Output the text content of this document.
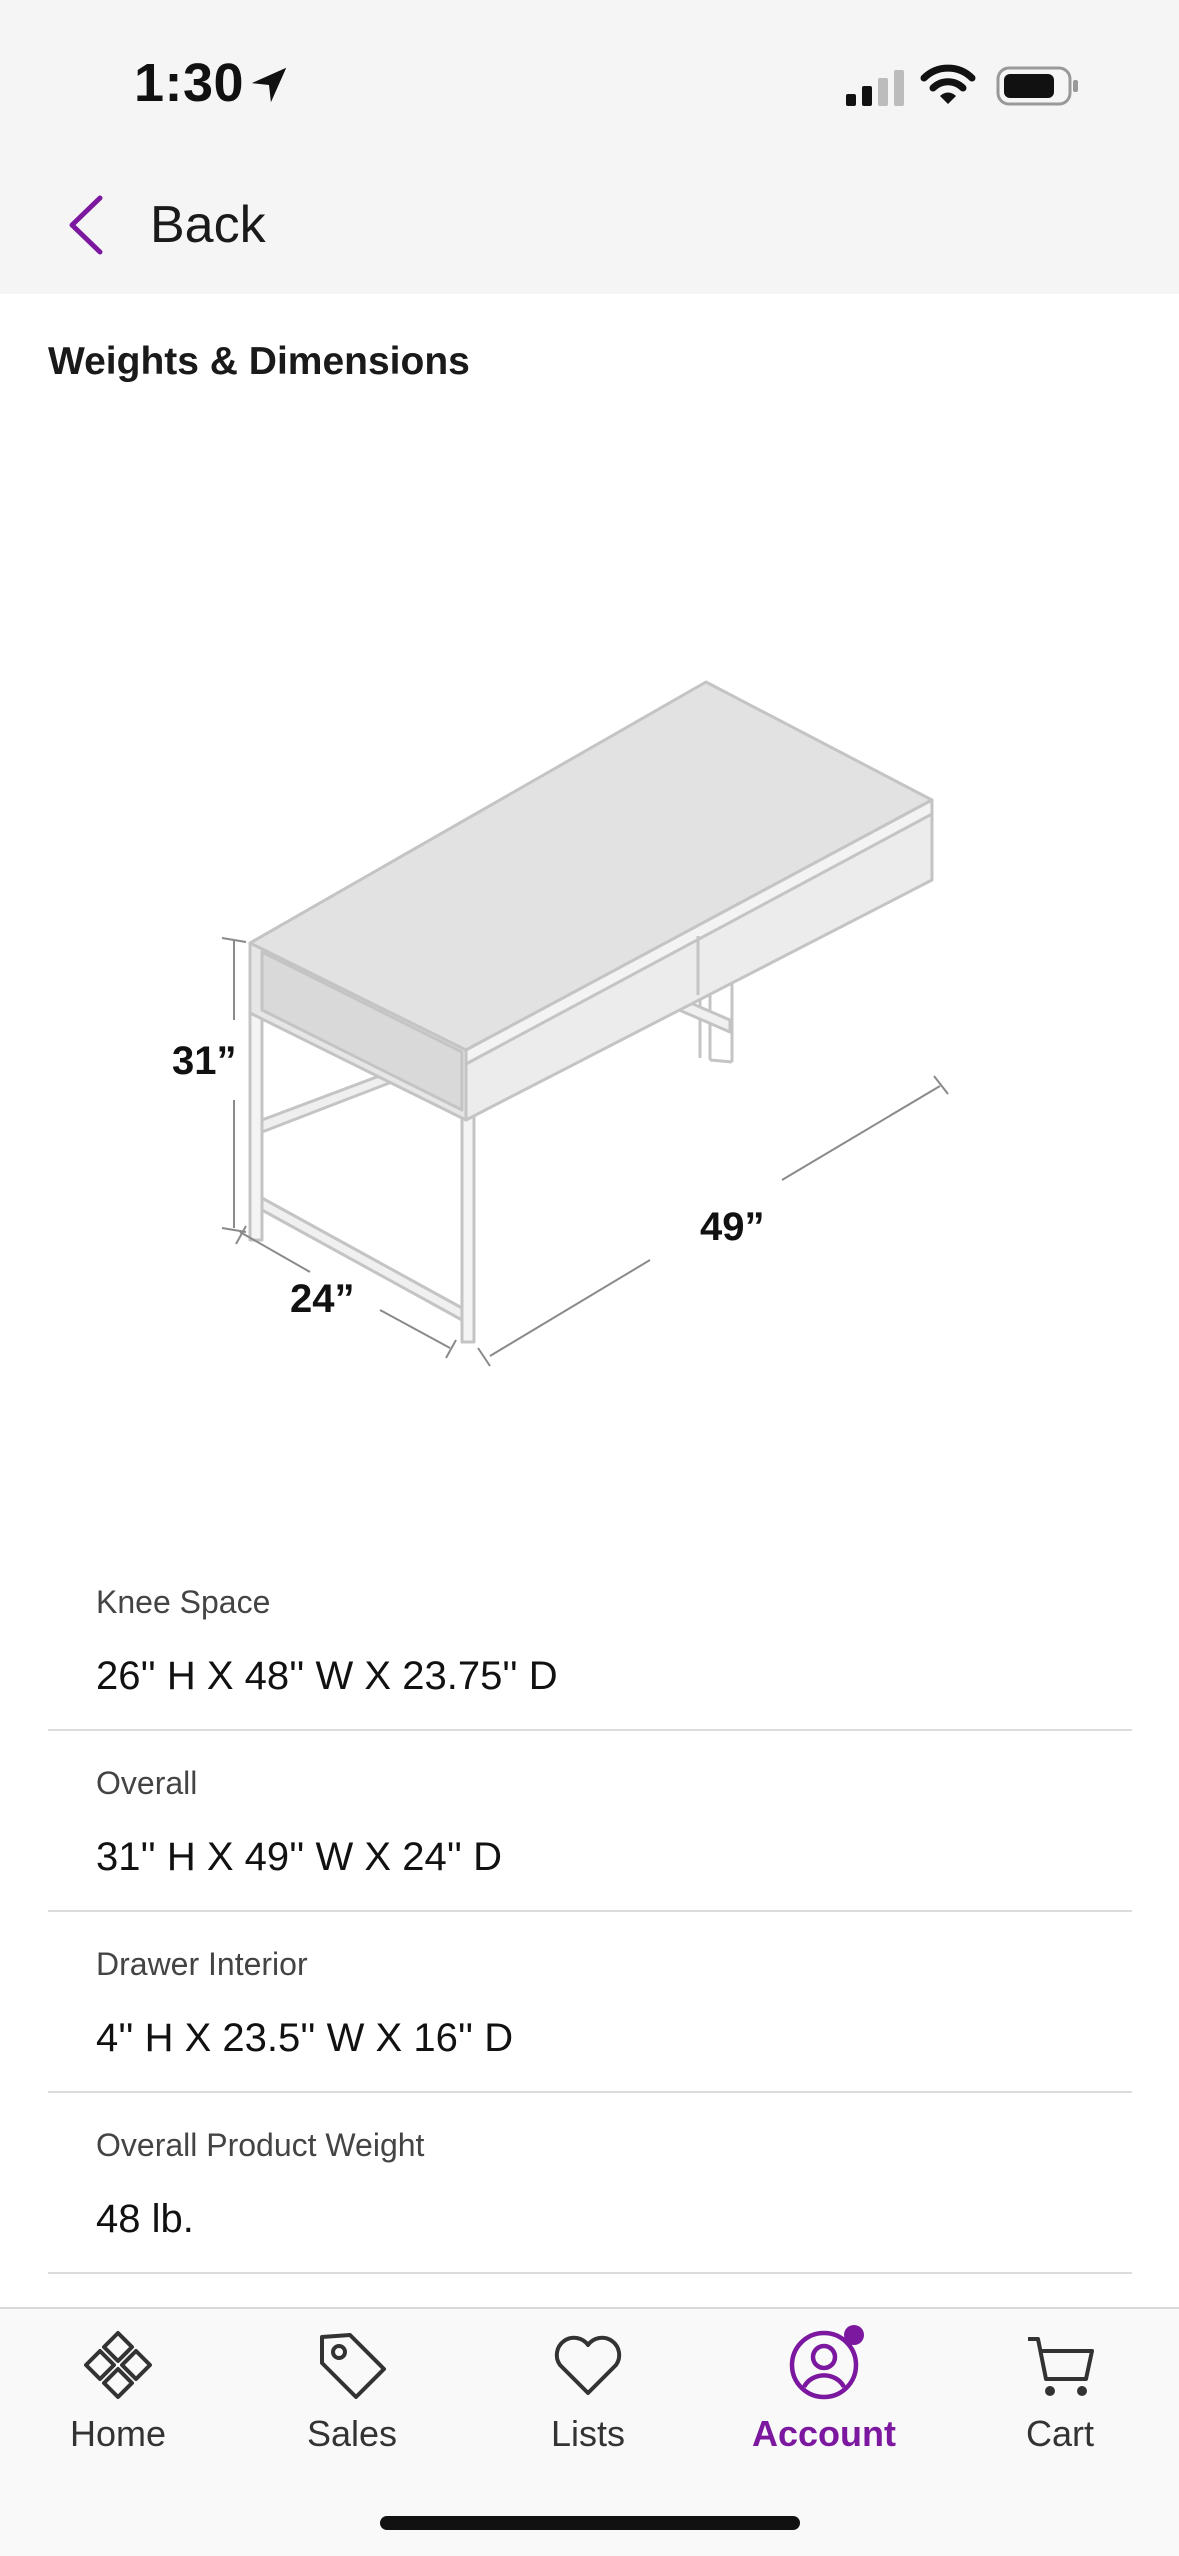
1:30
Back
Weights & Dimensions
31”
49”
24”
Knee Space
26'' H X 48'' W X 23.75'' D
Overall
31'' H X 49'' W X 24'' D
Drawer Interior
4'' H X 23.5'' W X 16'' D
Overall Product Weight
48 lb.
Home	Sales	Lists	Account	Cart
